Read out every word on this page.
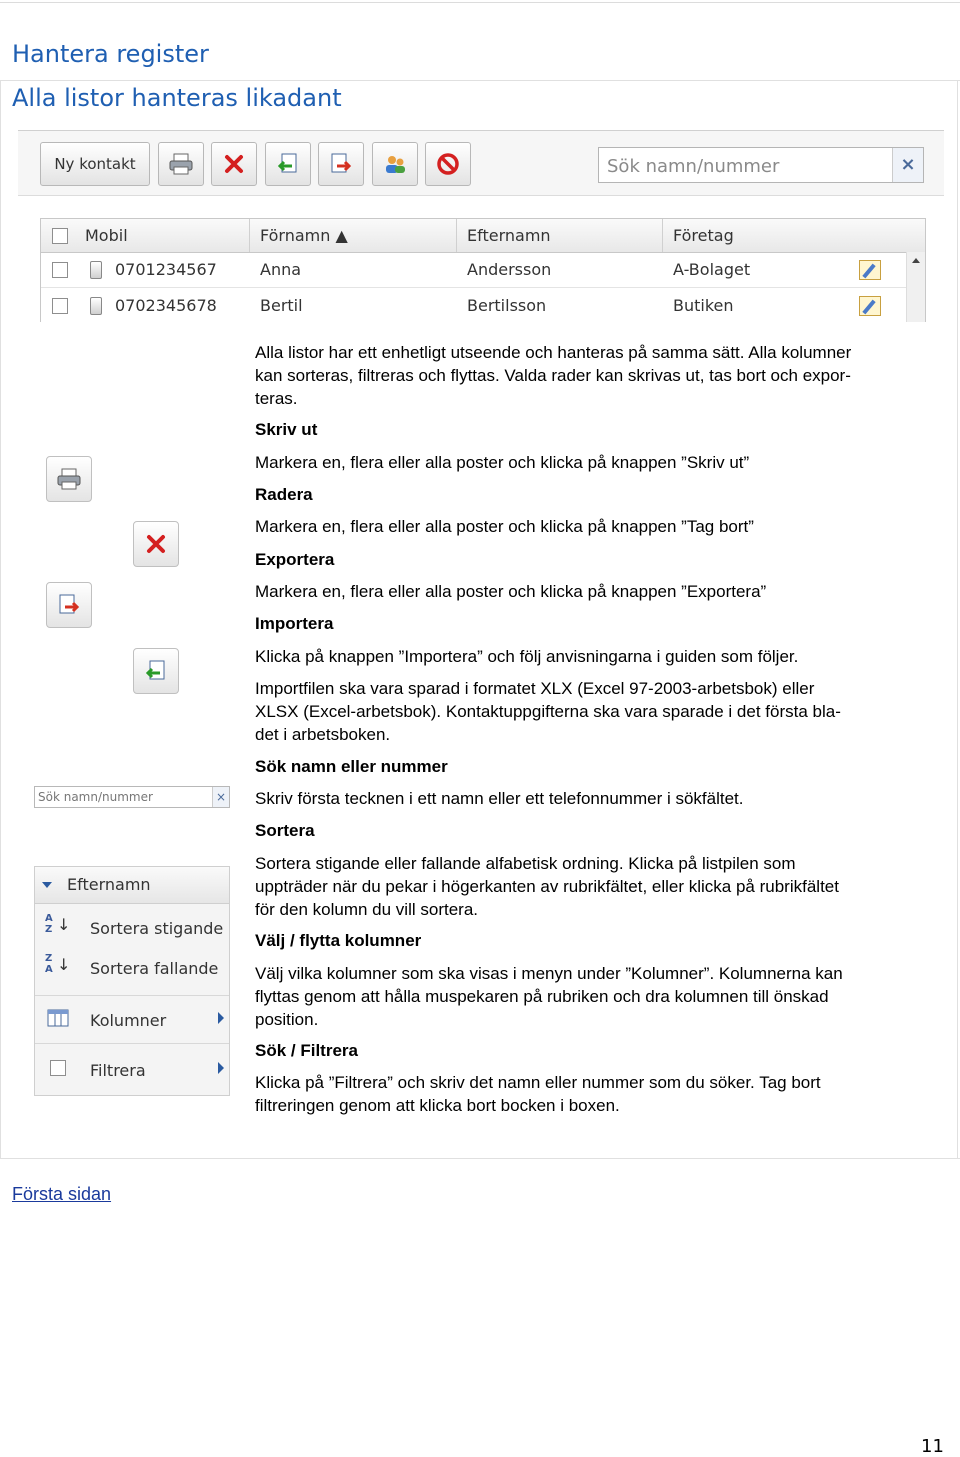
Hantera register
Alla listor hanteras likadant
Ny kontakt	Sök namn/nummer	×
Mobil	Förnamn ▲	Efternamn	Företag
0701234567	Anna	Andersson	A-Bolaget
0702345678	Bertil	Bertilsson	Butiken
Sök namn/nummer	×
Efternamn
A
Z ↓ Sortera stigande
Z
A ↓ Sortera fallande
Kolumner
Filtrera
Alla listor har ett enhetligt utseende och hanteras på samma sätt. Alla kolumner
kan sorteras, filtreras och flyttas. Valda rader kan skrivas ut, tas bort och expor-
teras.
Skriv ut
Markera en, flera eller alla poster och klicka på knappen ”Skriv ut”
Radera
Markera en, flera eller alla poster och klicka på knappen ”Tag bort”
Exportera
Markera en, flera eller alla poster och klicka på knappen ”Exportera”
Importera
Klicka på knappen ”Importera” och följ anvisningarna i guiden som följer.
Importfilen ska vara sparad i formatet XLX (Excel 97-2003-arbetsbok) eller
XLSX (Excel-arbetsbok). Kontaktuppgifterna ska vara sparade i det första bla-
det i arbetsboken.
Sök namn eller nummer
Skriv första tecknen i ett namn eller ett telefonnummer i sökfältet.
Sortera
Sortera stigande eller fallande alfabetisk ordning. Klicka på listpilen som
uppträder när du pekar i högerkanten av rubrikfältet, eller klicka på rubrikfältet
för den kolumn du vill sortera.
Välj / flytta kolumner
Välj vilka kolumner som ska visas i menyn under ”Kolumner”. Kolumnerna kan
flyttas genom att hålla muspekaren på rubriken och dra kolumnen till önskad
position.
Sök / Filtrera
Klicka på ”Filtrera” och skriv det namn eller nummer som du söker. Tag bort
filtreringen genom att klicka bort bocken i boxen.
Första sidan
11
